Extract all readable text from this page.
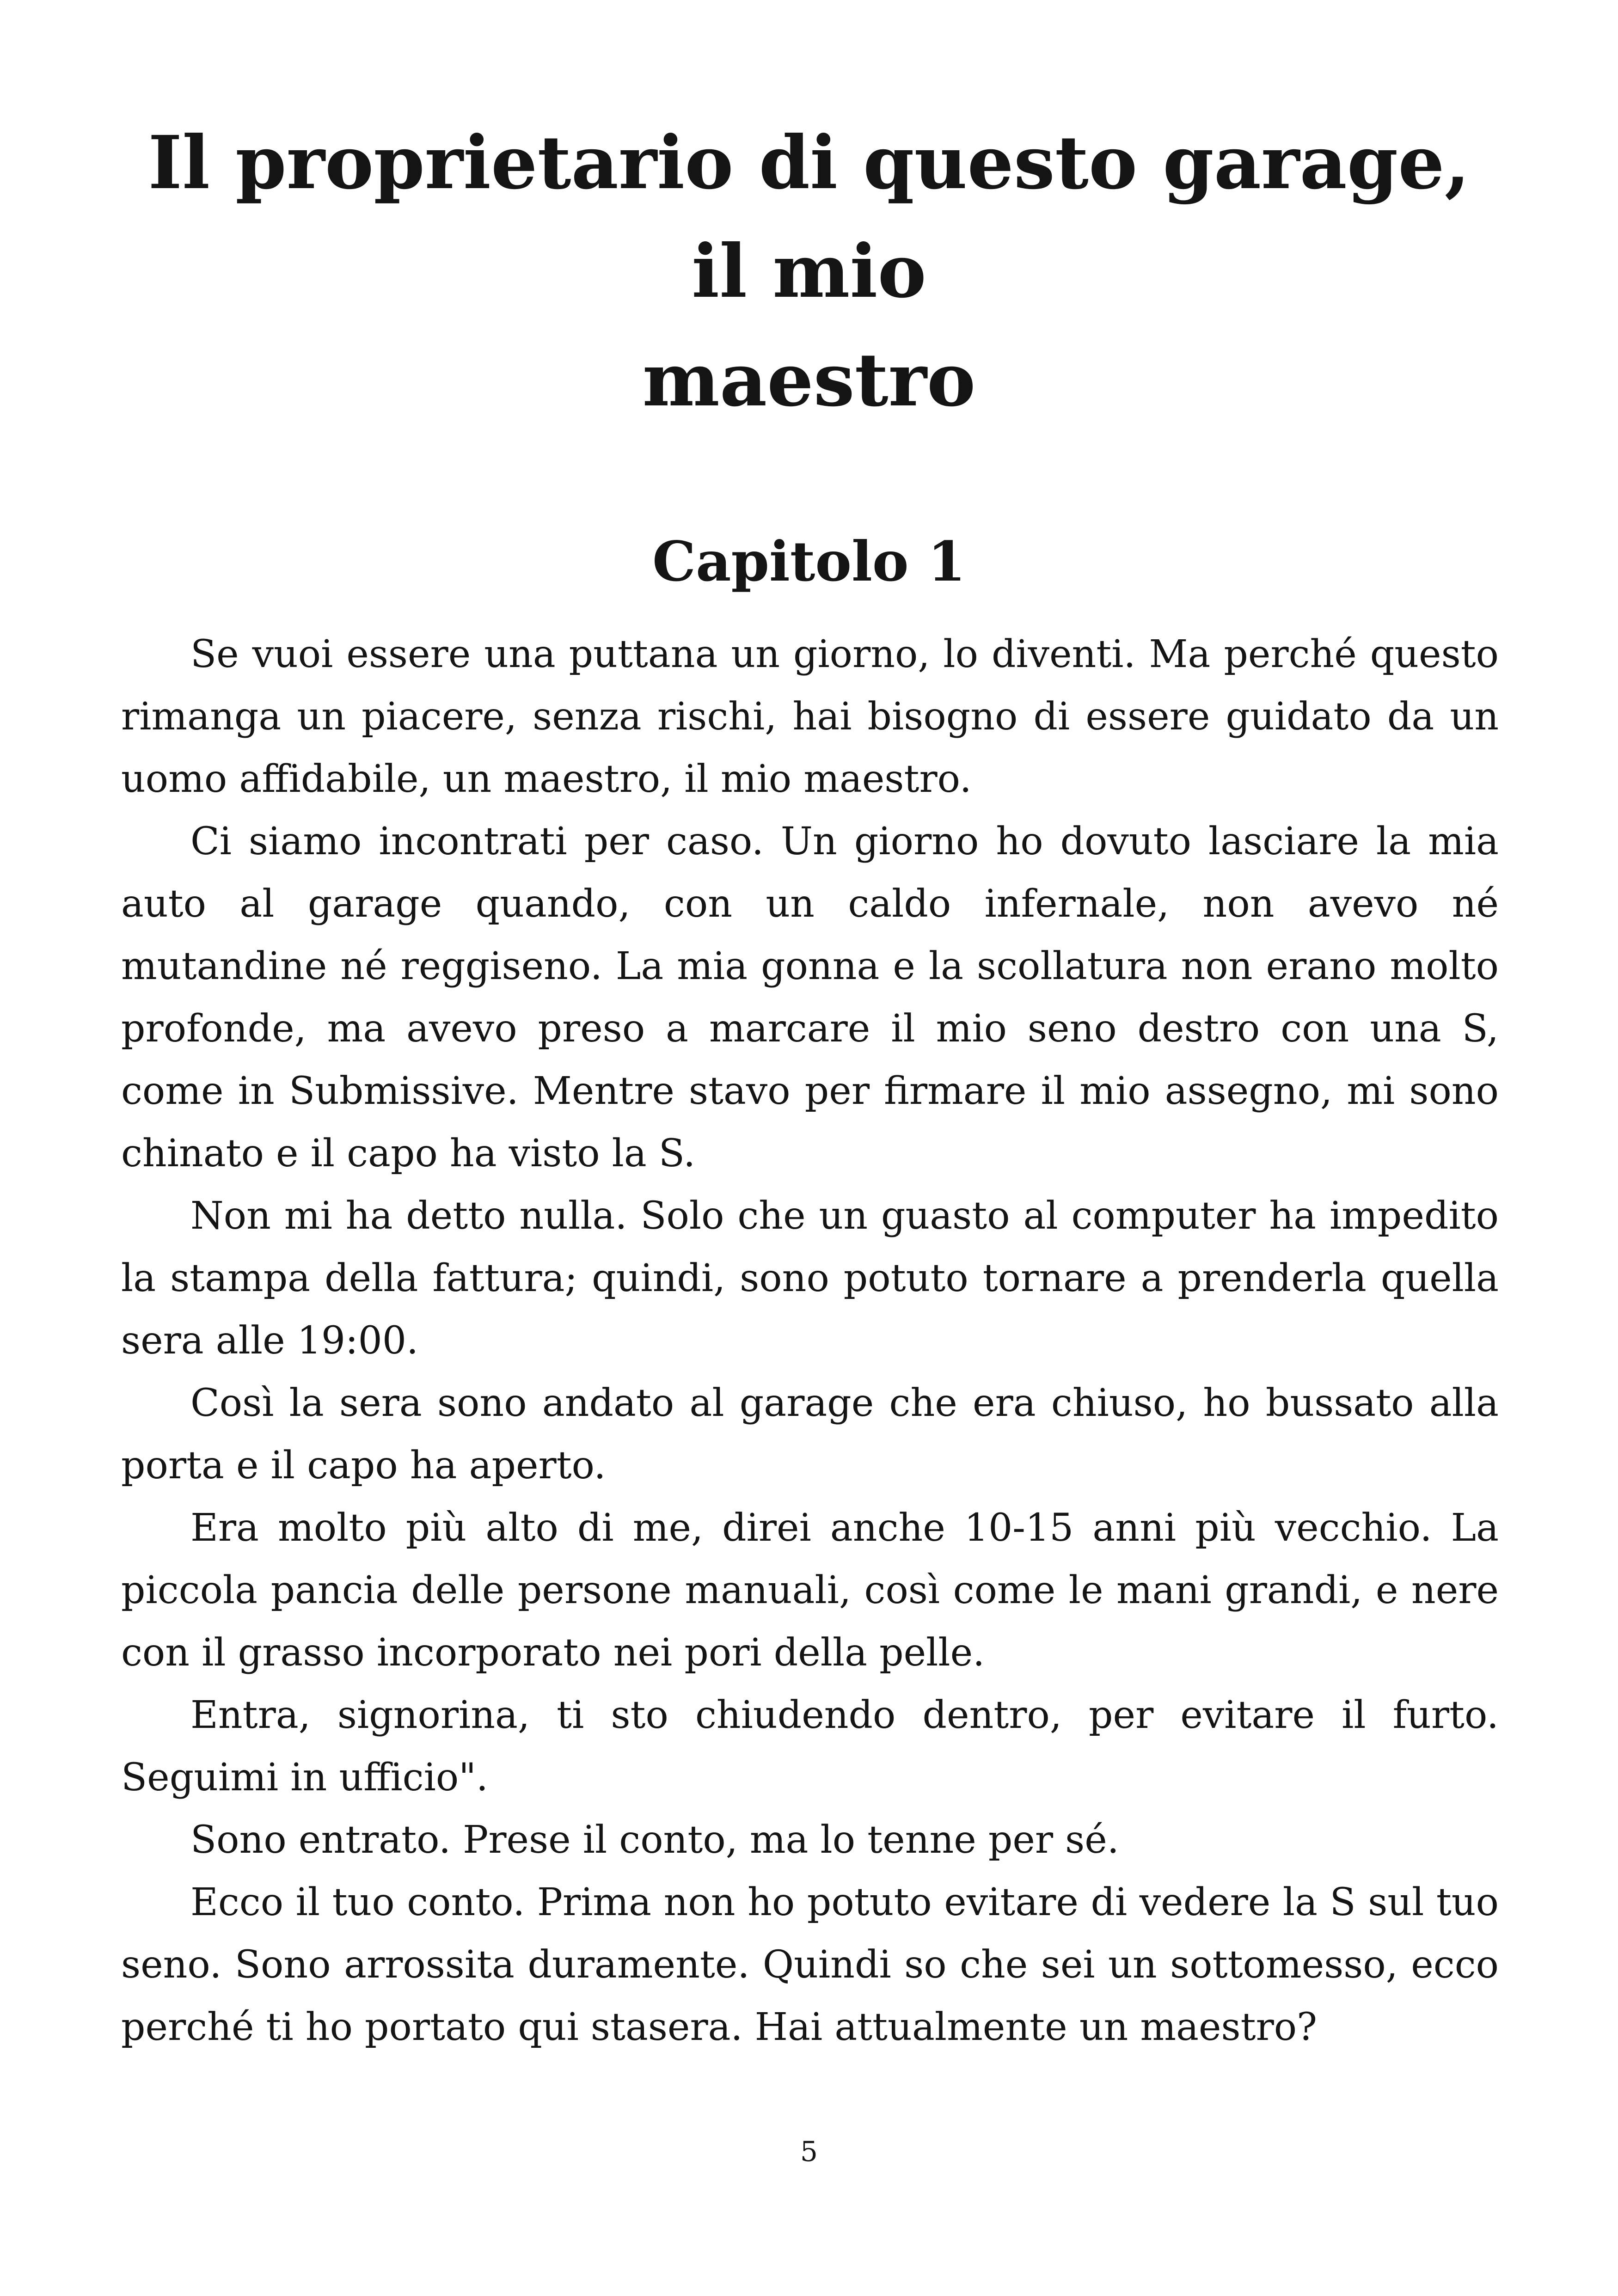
Il proprietario di questo garage, il mio
maestro
Capitolo 1

Se vuoi essere una puttana un giorno, lo diventi. Ma perché questo rimanga un piacere, senza rischi, hai bisogno di essere guidato da un uomo affidabile, un maestro, il mio maestro.

Ci siamo incontrati per caso. Un giorno ho dovuto lasciare la mia auto al garage quando, con un caldo infernale, non avevo né mutandine né reggiseno. La mia gonna e la scollatura non erano molto profonde, ma avevo preso a marcare il mio seno destro con una S, come in Submissive. Mentre stavo per firmare il mio assegno, mi sono chinato e il capo ha visto la S.

Non mi ha detto nulla. Solo che un guasto al computer ha impedito la stampa della fattura; quindi, sono potuto tornare a prenderla quella sera alle 19:00.

Così la sera sono andato al garage che era chiuso, ho bussato alla porta e il capo ha aperto.

Era molto più alto di me, direi anche 10-15 anni più vecchio. La piccola pancia delle persone manuali, così come le mani grandi, e nere con il grasso incorporato nei pori della pelle.

Entra, signorina, ti sto chiudendo dentro, per evitare il furto. Seguimi in ufficio".

Sono entrato. Prese il conto, ma lo tenne per sé.

Ecco il tuo conto. Prima non ho potuto evitare di vedere la S sul tuo seno. Sono arrossita duramente. Quindi so che sei un sottomesso, ecco perché ti ho portato qui stasera. Hai attualmente un maestro?

5
